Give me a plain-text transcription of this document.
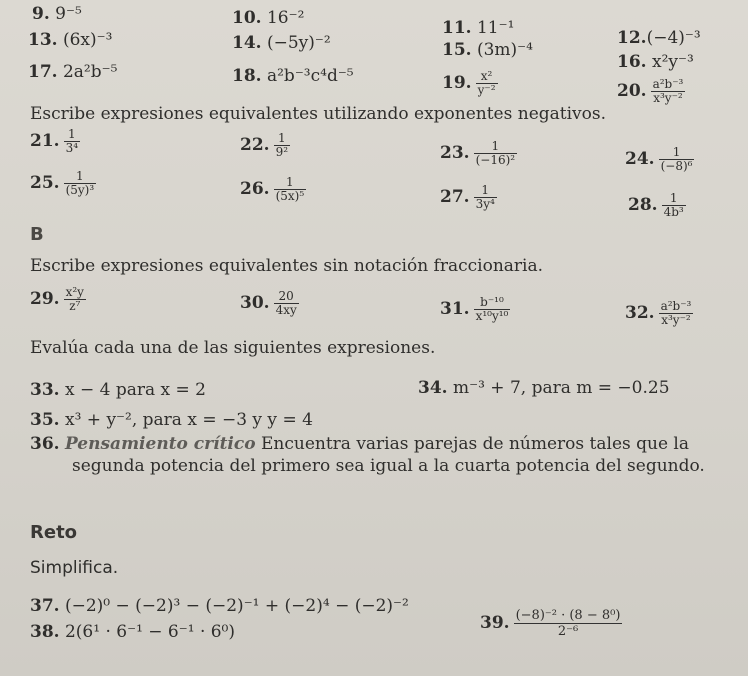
9. 9⁻⁵	10. 16⁻²	11. 11⁻¹	12.(−4)⁻³
13. (6x)⁻³	14. (−5y)⁻²	15. (3m)⁻⁴
16. x²y⁻³
17. 2a²b⁻⁵	18. a²b⁻³c⁴d⁻⁵	19. $\frac{\text{x²}}{\text{y⁻²}}$	20. $\frac{\text{a²b⁻³}}{\text{x³y⁻²}}$
Escribe expresiones equivalentes utilizando exponentes negativos.
21. $\frac{1}{\text{3⁴}}$	22. $\frac{1}{\text{9²}}$	23. $\frac{1}{\text{(−16)²}}$	24. $\frac{1}{\text{(−8)⁶}}$
25. $\frac{1}{\text{(5y)³}}$	26. $\frac{1}{\text{(5x)⁵}}$	27. $\frac{1}{\text{3y⁴}}$	28. $\frac{1}{\text{4b³}}$
B
Escribe expresiones equivalentes sin notación fraccionaria.
29. $\frac{\text{x²y}}{\text{z⁷}}$	30. $\frac{20}{4xy}$	31. $\frac{\text{b⁻¹⁰}}{\text{x¹⁰y¹⁰}}$	32. $\frac{\text{a²b⁻³}}{\text{x³y⁻²}}$
Evalúa cada una de las siguientes expresiones.
33. x − 4 para x = 2	34. m⁻³ + 7, para m = −0.25
35. x³ + y⁻², para x = −3 y y = 4
36. Pensamiento crítico Encuentra varias parejas de números tales que la
segunda potencia del primero sea igual a la cuarta potencia del segundo.
Reto
Simplifica.
37. (−2)⁰ − (−2)³ − (−2)⁻¹ + (−2)⁴ − (−2)⁻²
38. 2(6¹ · 6⁻¹ − 6⁻¹ · 6⁰)	39. $\frac{\text{(−8)⁻² · (8 − 8⁰)}}{\text{2⁻⁶}}$
